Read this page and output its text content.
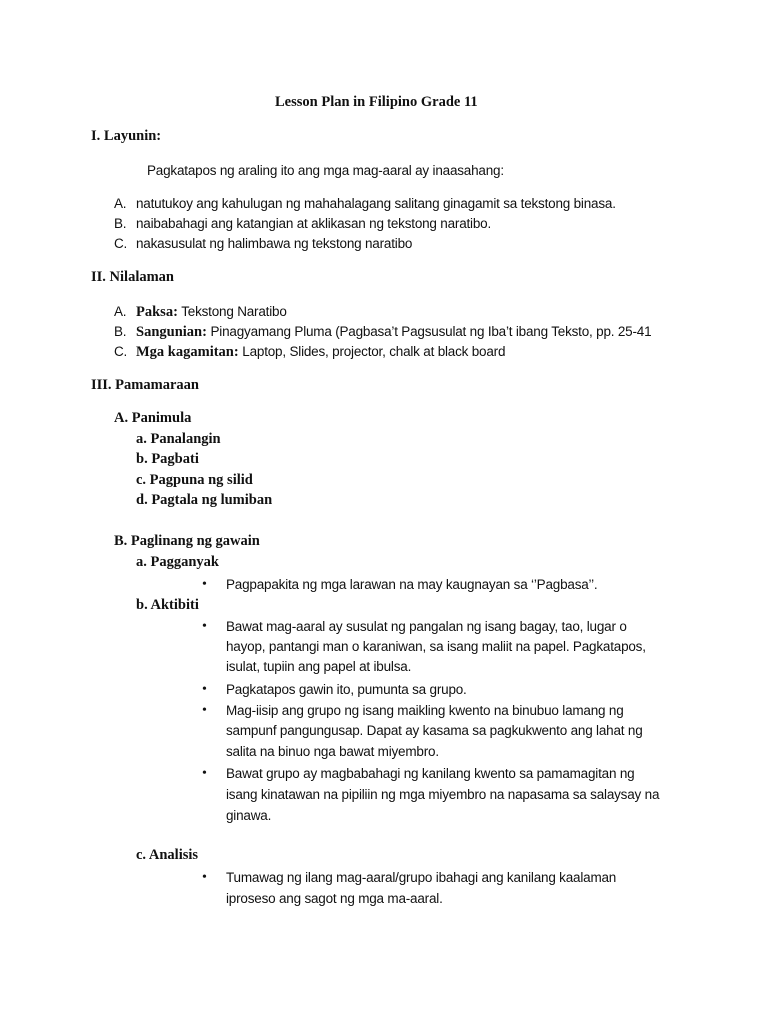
Lesson Plan in Filipino Grade 11
I. Layunin:
Pagkatapos ng araling ito ang mga mag-aaral ay inaasahang:
A. natutukoy ang kahulugan ng mahahalagang salitang ginagamit sa tekstong binasa.
B. naibabahagi ang katangian at aklikasan ng tekstong naratibo.
C. nakasusulat ng halimbawa ng tekstong naratibo
II. Nilalaman
A. Paksa: Tekstong Naratibo
B. Sangunian: Pinagyamang Pluma (Pagbasa’t Pagsusulat ng Iba’t ibang Teksto, pp. 25-41
C. Mga kagamitan: Laptop, Slides, projector, chalk at black board
III. Pamamaraan
A. Panimula
a. Panalangin
b. Pagbati
c. Pagpuna ng silid
d. Pagtala ng lumiban
B. Paglinang ng gawain
a. Pagganyak
• Pagpapakita ng mga larawan na may kaugnayan sa ‘’Pagbasa’’.
b. Aktibiti
• Bawat mag-aaral ay susulat ng pangalan ng isang bagay, tao, lugar o
hayop, pantangi man o karaniwan, sa isang maliit na papel. Pagkatapos,
isulat, tupiin ang papel at ibulsa.
• Pagkatapos gawin ito, pumunta sa grupo.
• Mag-iisip ang grupo ng isang maikling kwento na binubuo lamang ng
sampunf pangungusap. Dapat ay kasama sa pagkukwento ang lahat ng
salita na binuo nga bawat miyembro.
• Bawat grupo ay magbabahagi ng kanilang kwento sa pamamagitan ng
isang kinatawan na pipiliin ng mga miyembro na napasama sa salaysay na
ginawa.
c. Analisis
• Tumawag ng ilang mag-aaral/grupo ibahagi ang kanilang kaalaman
iproseso ang sagot ng mga ma-aaral.
